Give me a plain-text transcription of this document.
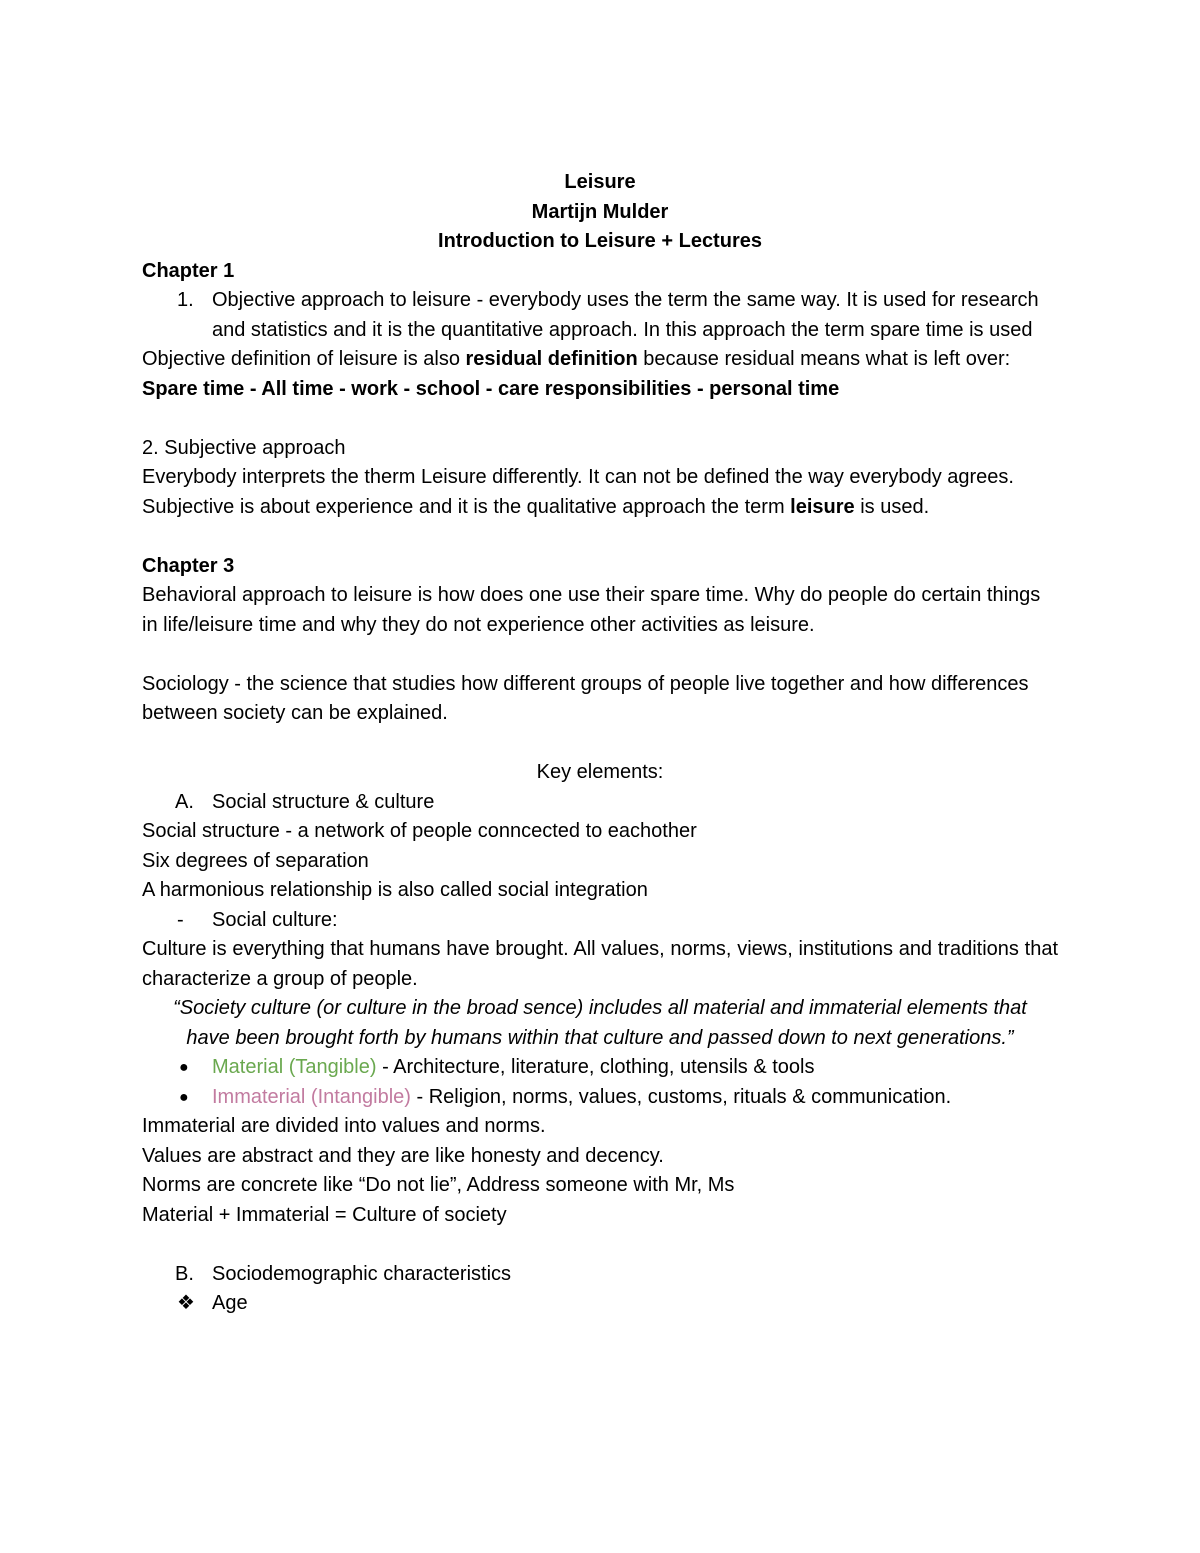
Leisure
Martijn Mulder
Introduction to Leisure + Lectures
Chapter 1
1. Objective approach to leisure - everybody uses the term the same way. It is used for research and statistics and it is the quantitative approach. In this approach the term spare time is used
Objective definition of leisure is also residual definition because residual means what is left over: Spare time - All time - work - school - care responsibilities - personal time
2. Subjective approach
Everybody interprets the therm Leisure differently. It can not be defined the way everybody agrees. Subjective is about experience and it is the qualitative approach the term leisure is used.
Chapter 3
Behavioral approach to leisure is how does one use their spare time. Why do people do certain things in life/leisure time and why they do not experience other activities as leisure.
Sociology - the science that studies how different groups of people live together and how differences between society can be explained.
Key elements:
A. Social structure & culture
Social structure - a network of people conncected to eachother
Six degrees of separation
A harmonious relationship is also called social integration
-	Social culture:
Culture is everything that humans have brought. All values, norms, views, institutions and traditions that characterize a group of people.
“Society culture (or culture in the broad sence) includes all material and immaterial elements that have been brought forth by humans within that culture and passed down to next generations.”
●	Material (Tangible) - Architecture, literature, clothing, utensils & tools
●	Immaterial (Intangible) - Religion, norms, values, customs, rituals & communication.
Immaterial are divided into values and norms.
Values are abstract and they are like honesty and decency.
Norms are concrete like “Do not lie”, Address someone with Mr, Ms
Material + Immaterial = Culture of society
B. Sociodemographic characteristics
❖ Age
